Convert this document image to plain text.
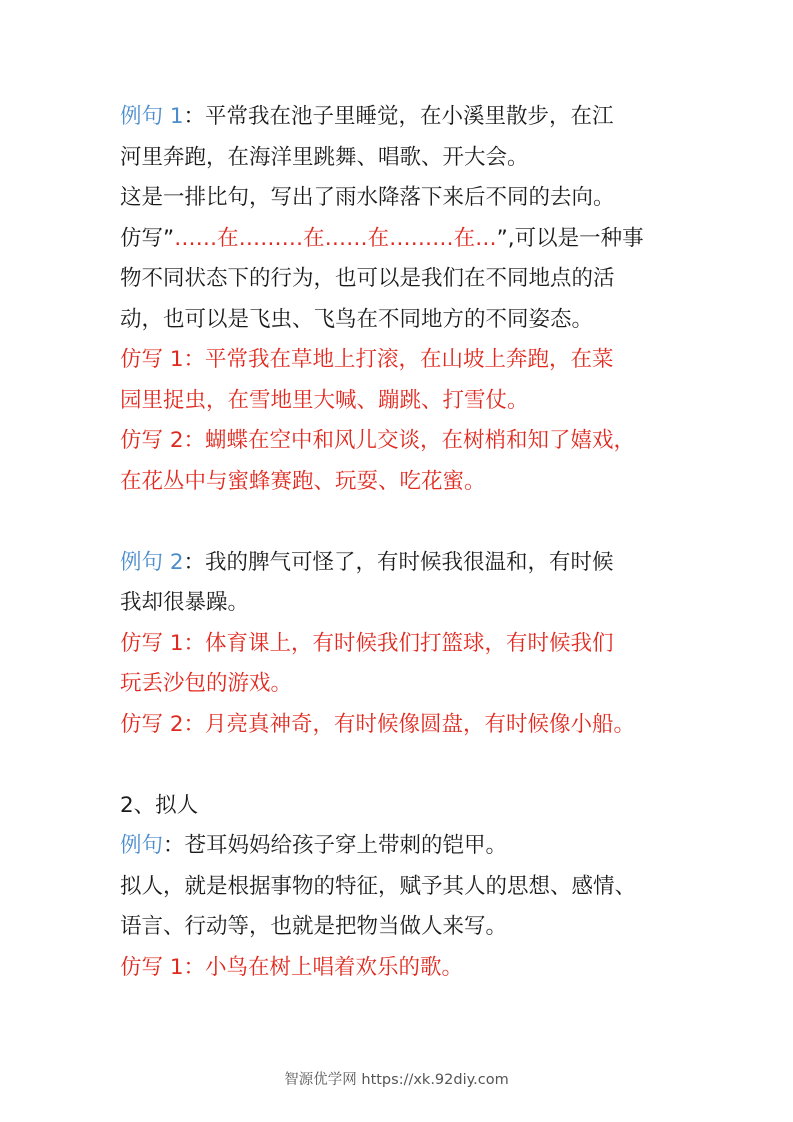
例句 1：平常我在池子里睡觉，在小溪里散步，在江
河里奔跑，在海洋里跳舞、唱歌、开大会。
这是一排比句，写出了雨水降落下来后不同的去向。
仿写”……在………在……在………在…”,可以是一种事
物不同状态下的行为，也可以是我们在不同地点的活
动，也可以是飞虫、飞鸟在不同地方的不同姿态。
仿写 1：平常我在草地上打滚，在山坡上奔跑，在菜
园里捉虫，在雪地里大喊、蹦跳、打雪仗。
仿写 2：蝴蝶在空中和风儿交谈，在树梢和知了嬉戏，
在花丛中与蜜蜂赛跑、玩耍、吃花蜜。
例句 2：我的脾气可怪了，有时候我很温和，有时候
我却很暴躁。
仿写 1：体育课上，有时候我们打篮球，有时候我们
玩丢沙包的游戏。
仿写 2：月亮真神奇，有时候像圆盘，有时候像小船。
2、拟人
例句：苍耳妈妈给孩子穿上带刺的铠甲。
拟人，就是根据事物的特征，赋予其人的思想、感情、
语言、行动等，也就是把物当做人来写。
仿写 1：小鸟在树上唱着欢乐的歌。
智源优学网 https://xk.92diy.com
